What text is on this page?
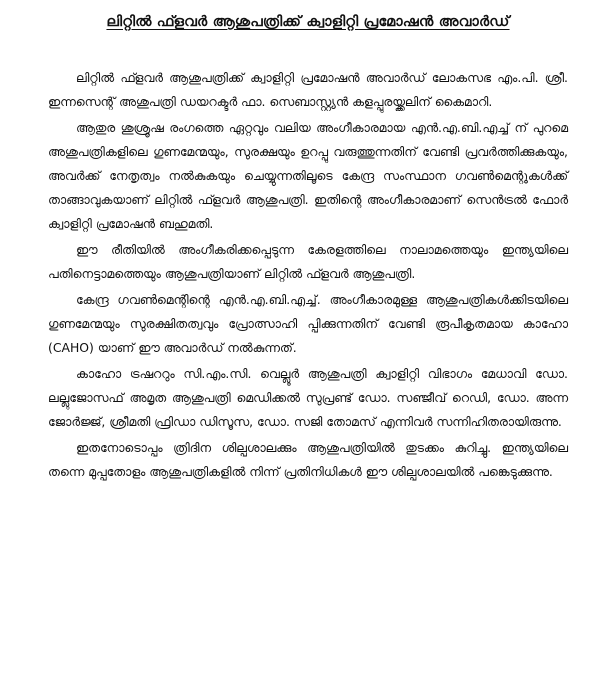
ലിറ്റിൽ ഫ്ളവർ ആശുപത്രിക്ക് ക്വാളിറ്റി പ്രമോഷൻ അവാർഡ്

ലിറ്റിൽ ഫ്ളവർ ആശുപത്രിക്ക് ക്വാളിറ്റി പ്രമോഷൻ അവാർഡ് ലോകസഭ എം.പി. ശ്രീ. ഇന്നസെന്റ് അശുപത്രി ഡയറക്ടർ ഫാ. സെബാസ്റ്റ്യൻ കളപ്പുരയ്ക്കലിന് കൈമാറി.

ആതുര ശുശ്രൂഷ രംഗത്തെ ഏറ്റവും വലിയ അംഗീകാരമായ എൻ.എ.ബി.എച്ച് ന് പുറമെ അശുപത്രികളിലെ ഗുണമേന്മയും, സുരക്ഷയും ഉറപ്പു വരുത്തുന്നതിന് വേണ്ടി പ്രവർത്തിക്കുകയും, അവർക്ക് നേതൃത്വം നൽകുകയും ചെയ്യുന്നതിലൂടെ കേന്ദ്ര സംസ്ഥാന ഗവൺമെന്റുകൾക്ക് താങ്ങാവുകയാണ് ലിറ്റിൽ ഫ്ളവർ ആശുപത്രി. ഇതിന്റെ അംഗീകാരമാണ് സെൻട്രൽ ഫോർ ക്വാളിറ്റി പ്രമോഷൻ ബഹുമതി.

ഈ രീതിയിൽ അംഗീകരിക്കപ്പെടുന്ന കേരളത്തിലെ നാലാമത്തെയും ഇന്ത്യയിലെ പതിനെട്ടാമത്തെയും ആശുപത്രിയാണ് ലിറ്റിൽ ഫ്ളവർ ആശുപത്രി.

കേന്ദ്ര ഗവൺമെന്റിന്റെ എൻ.എ.ബി.എച്ച്. അംഗീകാരമുള്ള ആശുപത്രികൾക്കിടയിലെ ഗുണമേന്മയും സുരക്ഷിതത്വവും പ്രോത്സാഹി പ്പിക്കുന്നതിന് വേണ്ടി രൂപീകൃതമായ കാഹോ (CAHO) യാണ് ഈ അവാർഡ് നൽകുന്നത്.

കാഹോ ട്രഷററും സി.എം.സി. വെല്ലൂർ ആശുപത്രി ക്വാളിറ്റി വിഭാഗം മേധാവി ഡോ. ലല്ലുജോസഫ് അമൃത ആശുപത്രി മെഡിക്കൽ സുപ്രണ്ട് ഡോ. സഞ്ജീവ് റെഡി, ഡോ. അന്ന ജോർജ്ജ്, ശ്രീമതി ഫ്രിഡാ ഡിസൂസ, ഡോ. സജി തോമസ് എന്നിവർ സന്നിഹിതരായിരുന്നു.

ഇതനോടൊപ്പം ത്രിദിന ശില്പശാലക്കും ആശുപത്രിയിൽ തുടക്കം കുറിച്ചു. ഇന്ത്യയിലെ തന്നെ മുപ്പതോളം ആശുപത്രികളിൽ നിന്ന് പ്രതിനിധികൾ ഈ ശില്പശാലയിൽ പങ്കെടുക്കുന്നു.
